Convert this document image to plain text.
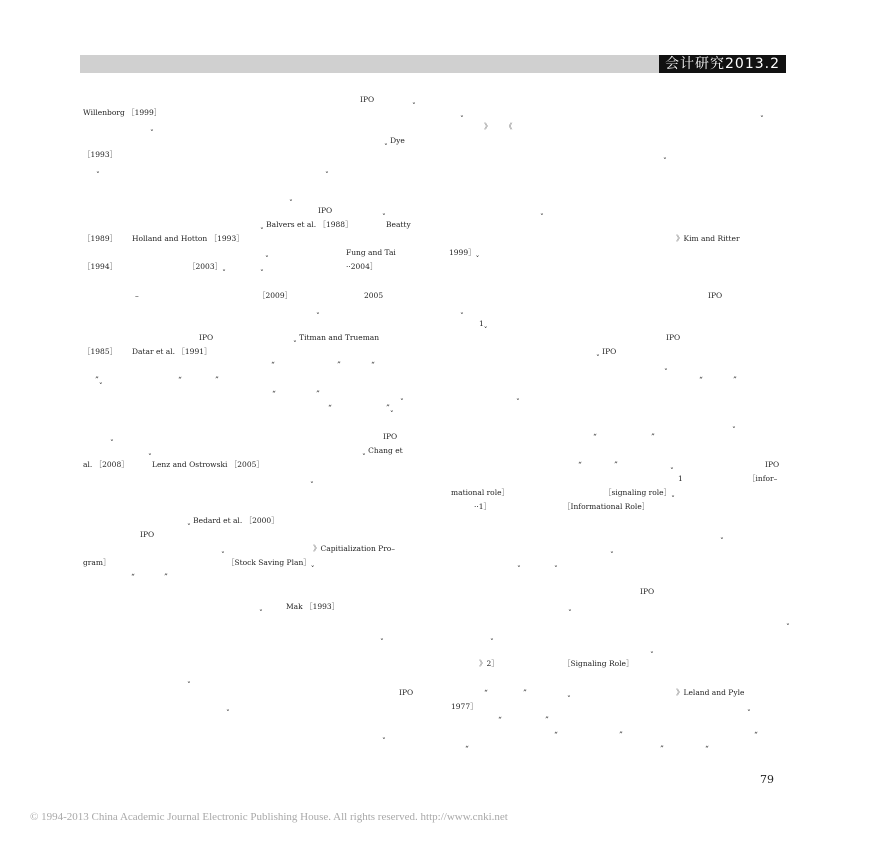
会计研究2013.2
IPO	ˬ
Willenborg ［1999］	ˬ	ˬ
ˬ	》 《
ˬ Dye
［1993］	ˬ
ˬ	ˬ
ˬ
IPO	ˬ	ˬ
ˬ Balvers et al. ［1988］	Beatty
［1989］ Holland and Hotton ［1993］	》Kim and Ritter
ˬ	Fung and Tai	1999］ˬ
［1994］	［2003］ˬ	ˬ	··2004］
–	［2009］	2005	IPO
ˬ	ˬ
1ˬ
IPO	ˬ Titman and Trueman	IPO
［1985］ Datar et al. ［1991］
“	”	“
ˬ IPO
ˬ
”ˬ	“	”	“	”
“	”	ˬ	ˬ
“	”ˬ
ˬ
ˬ	IPO	“	”
ˬ	ˬ Chang et
al. ［2008］	Lenz and Ostrowski ［2005］	“	”	ˬ	IPO
ˬ	1	［infor–
mational role］	［signaling role］ˬ
··1］	［Informational Role］
ˬ Bedard et al. ［2000］
IPO	ˬ
ˬ	》Capitialization Pro–	ˬ
gram］	［Stock Saving Plan］ˬ	ˬ	ˬ
“	”
IPO
ˬ	Mak ［1993］	ˬ
ˬ
ˬ	ˬ
ˬ
》2］	［Signaling Role］
ˬ
IPO	“	”	ˬ	》Leland and Pyle
ˬ	1977］	ˬ
“	”
ˬ	“	”	“
“	”	“
79
© 1994-2013 China Academic Journal Electronic Publishing House. All rights reserved. http://www.cnki.net
